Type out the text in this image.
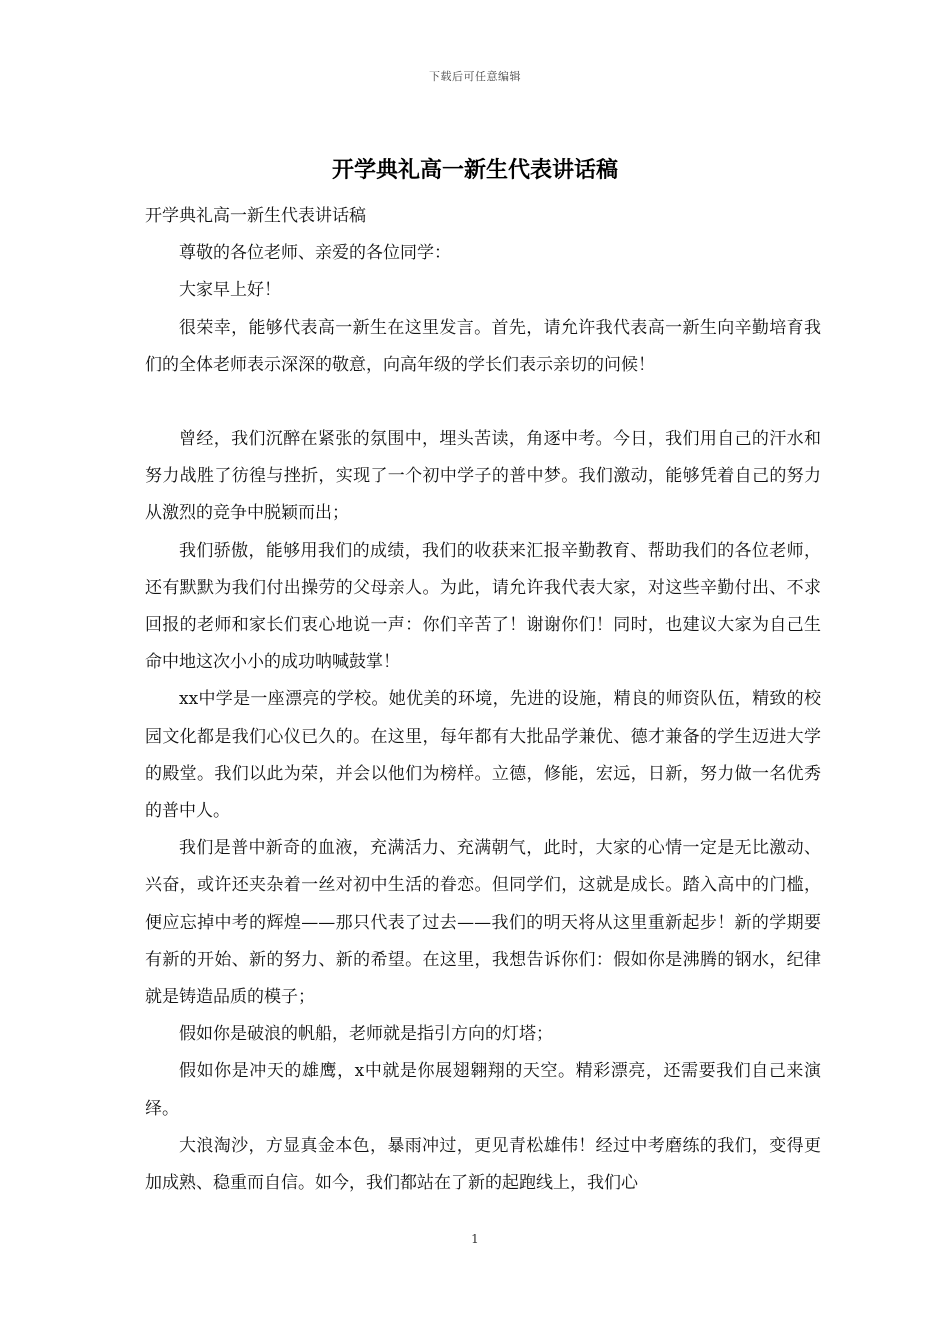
下载后可任意编辑
开学典礼高一新生代表讲话稿

开学典礼高一新生代表讲话稿

尊敬的各位老师、亲爱的各位同学：

大家早上好！

很荣幸，能够代表高一新生在这里发言。首先，请允许我代表高一新生向辛勤培育我们的全体老师表示深深的敬意，向高年级的学长们表示亲切的问候！

曾经，我们沉醉在紧张的氛围中，埋头苦读，角逐中考。今日，我们用自己的汗水和努力战胜了彷徨与挫折，实现了一个初中学子的普中梦。我们激动，能够凭着自己的努力从激烈的竞争中脱颖而出；

我们骄傲，能够用我们的成绩，我们的收获来汇报辛勤教育、帮助我们的各位老师，还有默默为我们付出操劳的父母亲人。为此，请允许我代表大家，对这些辛勤付出、不求回报的老师和家长们衷心地说一声：你们辛苦了！谢谢你们！同时，也建议大家为自己生命中地这次小小的成功呐喊鼓掌！

xx中学是一座漂亮的学校。她优美的环境，先进的设施，精良的师资队伍，精致的校园文化都是我们心仪已久的。在这里，每年都有大批品学兼优、德才兼备的学生迈进大学的殿堂。我们以此为荣，并会以他们为榜样。立德，修能，宏远，日新，努力做一名优秀的普中人。

我们是普中新奇的血液，充满活力、充满朝气，此时，大家的心情一定是无比激动、兴奋，或许还夹杂着一丝对初中生活的眷恋。但同学们，这就是成长。踏入高中的门槛，便应忘掉中考的辉煌——那只代表了过去——我们的明天将从这里重新起步！新的学期要有新的开始、新的努力、新的希望。在这里，我想告诉你们：假如你是沸腾的钢水，纪律就是铸造品质的模子；

假如你是破浪的帆船，老师就是指引方向的灯塔；

假如你是冲天的雄鹰，x中就是你展翅翱翔的天空。精彩漂亮，还需要我们自己来演绎。

大浪淘沙，方显真金本色，暴雨冲过，更见青松雄伟！经过中考磨练的我们，变得更加成熟、稳重而自信。如今，我们都站在了新的起跑线上，我们心

1
